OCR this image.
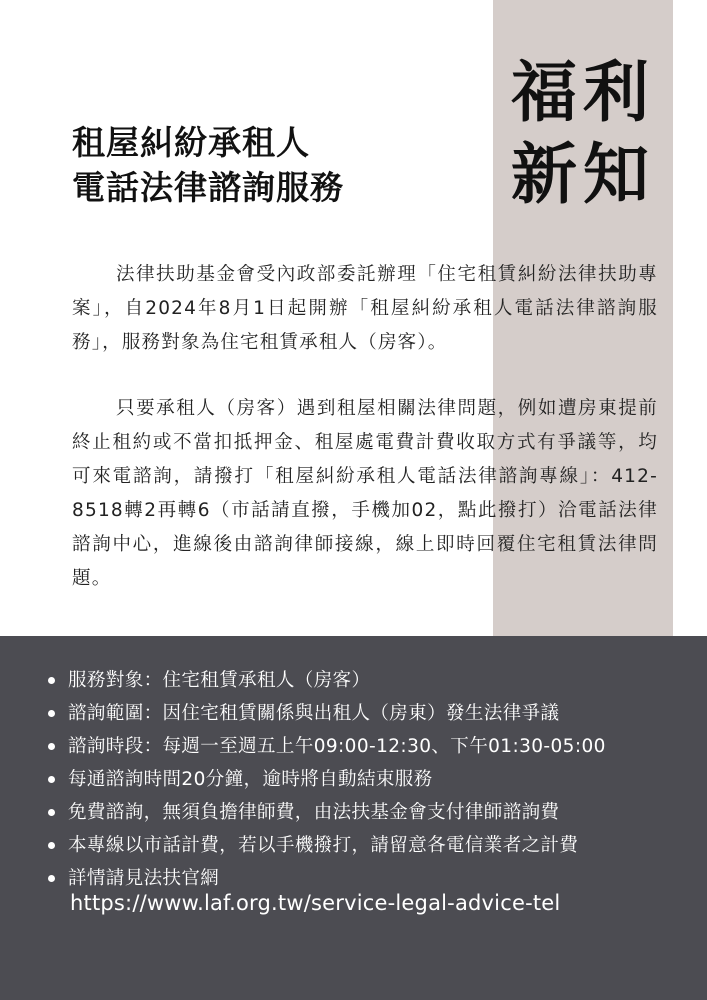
福利
新知
租屋糾紛承租人
電話法律諮詢服務

法律扶助基金會受內政部委託辦理「住宅租賃糾紛法律扶助專案」，自2024年8月1日起開辦「租屋糾紛承租人電話法律諮詢服務」，服務對象為住宅租賃承租人（房客）。

只要承租人（房客）遇到租屋相關法律問題，例如遭房東提前終止租約或不當扣抵押金、租屋處電費計費收取方式有爭議等，均可來電諮詢，請撥打「租屋糾紛承租人電話法律諮詢專線」：412-8518轉2再轉6（市話請直撥，手機加02，點此撥打）洽電話法律諮詢中心，進線後由諮詢律師接線，線上即時回覆住宅租賃法律問題。

服務對象：住宅租賃承租人（房客）
諮詢範圍：因住宅租賃關係與出租人（房東）發生法律爭議
諮詢時段：每週一至週五上午09:00-12:30、下午01:30-05:00
每通諮詢時間20分鐘，逾時將自動結束服務
免費諮詢，無須負擔律師費，由法扶基金會支付律師諮詢費
本專線以市話計費，若以手機撥打，請留意各電信業者之計費
詳情請見法扶官網
https://www.laf.org.tw/service-legal-advice-tel
